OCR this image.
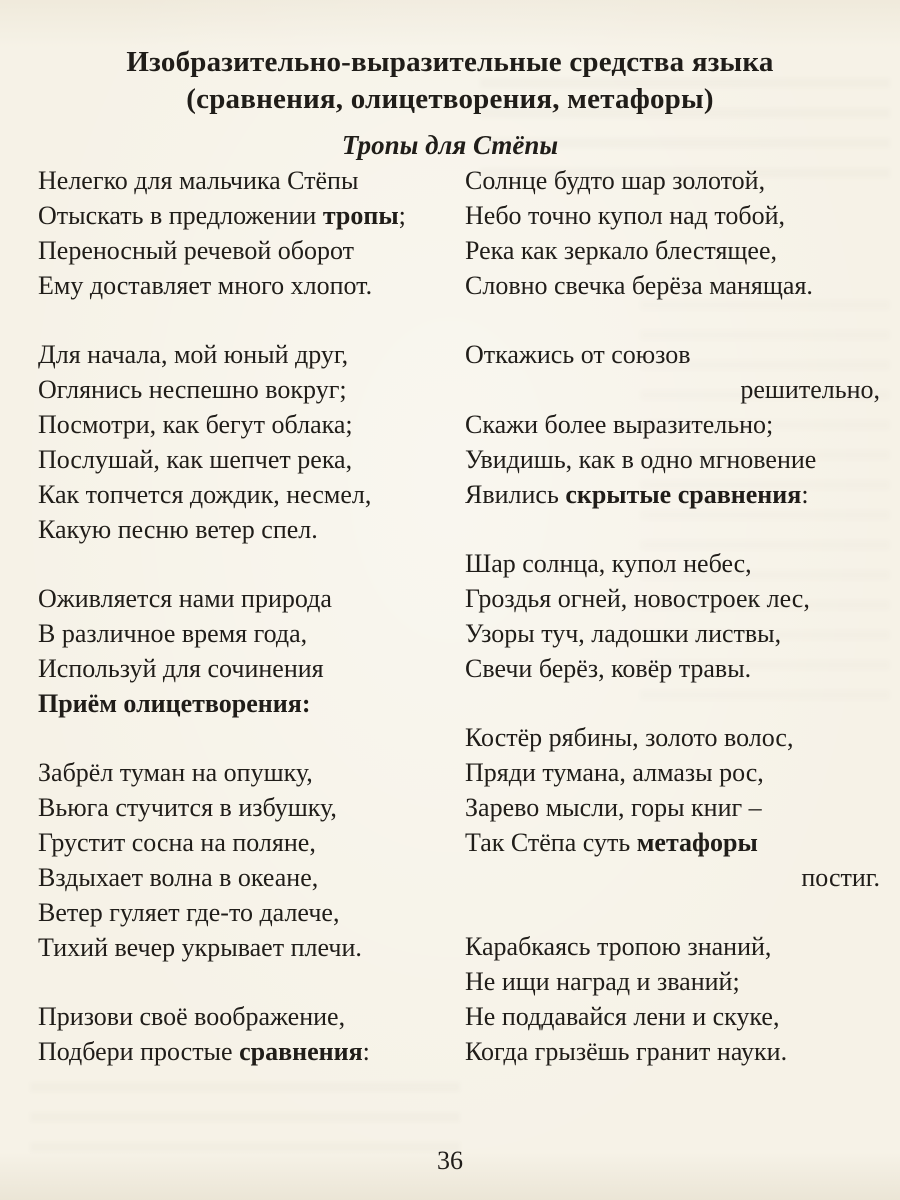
Изобразительно-выразительные средства языка
(сравнения, олицетворения, метафоры)
Тропы для Стёпы
Нелегко для мальчика Стёпы
Отыскать в предложении тропы;
Переносный речевой оборот
Ему доставляет много хлопот.
Для начала, мой юный друг,
Оглянись неспешно вокруг;
Посмотри, как бегут облака;
Послушай, как шепчет река,
Как топчется дождик, несмел,
Какую песню ветер спел.
Оживляется нами природа
В различное время года,
Используй для сочинения
Приём олицетворения:
Забрёл туман на опушку,
Вьюга стучится в избушку,
Грустит сосна на поляне,
Вздыхает волна в океане,
Ветер гуляет где-то далече,
Тихий вечер укрывает плечи.
Призови своё воображение,
Подбери простые сравнения:
Солнце будто шар золотой,
Небо точно купол над тобой,
Река как зеркало блестящее,
Словно свечка берёза манящая.
Откажись от союзов
решительно,
Скажи более выразительно;
Увидишь, как в одно мгновение
Явились скрытые сравнения:
Шар солнца, купол небес,
Гроздья огней, новостроек лес,
Узоры туч, ладошки листвы,
Свечи берёз, ковёр травы.
Костёр рябины, золото волос,
Пряди тумана, алмазы рос,
Зарево мысли, горы книг –
Так Стёпа суть метафоры
постиг.
Карабкаясь тропою знаний,
Не ищи наград и званий;
Не поддавайся лени и скуке,
Когда грызёшь гранит науки.
36
